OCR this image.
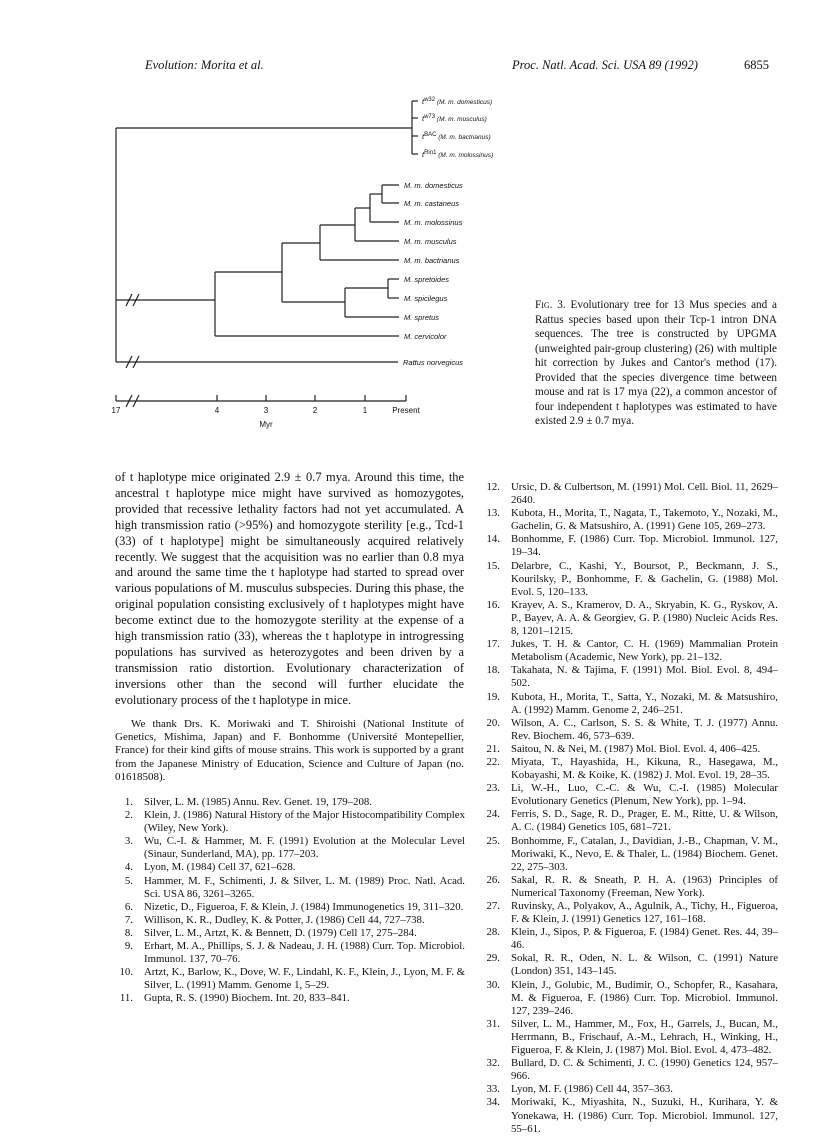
Evolution: Morita et al.	Proc. Natl. Acad. Sci. USA 89 (1992)	6855
$t^{w32}$ (M. m. domesticus)
$t^{w73}$ (M. m. musculus)
$t^{BAC}$ (M. m. bactrianus)
$t^{Rin1}$ (M. m. molossinus)
M. m. domesticus
M. m. castaneus
M. m. molossinus
M. m. musculus
M. m. bactrianus
M. spretoides
M. spicilegus
M. spretus
M. cervicolor
Rattus norvegicus
17	4	3	2	1	Present
Myr
Fig. 3. Evolutionary tree for 13 Mus species and a Rattus species based upon their Tcp-1 intron DNA sequences. The tree is constructed by UPGMA (unweighted pair-group clustering) (26) with multiple hit correction by Jukes and Cantor's method (17). Provided that the species divergence time between mouse and rat is 17 mya (22), a common ancestor of four independent t haplotypes was estimated to have existed 2.9 ± 0.7 mya.

of t haplotype mice originated 2.9 ± 0.7 mya. Around this time, the ancestral t haplotype mice might have survived as homozygotes, provided that recessive lethality factors had not yet accumulated. A high transmission ratio (>95%) and homozygote sterility [e.g., Tcd-1 (33) of t haplotype] might be simultaneously acquired relatively recently. We suggest that the acquisition was no earlier than 0.8 mya and around the same time the t haplotype had started to spread over various populations of M. musculus subspecies. During this phase, the original population consisting exclusively of t haplotypes might have become extinct due to the homozygote sterility at the expense of a high transmission ratio (33), whereas the t haplotype in introgressing populations has survived as heterozygotes and been driven by a transmission ratio distortion. Evolutionary characterization of inversions other than the second will further elucidate the evolutionary process of the t haplotype in mice.

We thank Drs. K. Moriwaki and T. Shiroishi (National Institute of Genetics, Mishima, Japan) and F. Bonhomme (Université Montepellier, France) for their kind gifts of mouse strains. This work is supported by a grant from the Japanese Ministry of Education, Science and Culture of Japan (no. 01618508).

1. Silver, L. M. (1985) Annu. Rev. Genet. 19, 179–208.
2. Klein, J. (1986) Natural History of the Major Histocompatibility Complex (Wiley, New York).
3. Wu, C.-I. & Hammer, M. F. (1991) Evolution at the Molecular Level (Sinaur, Sunderland, MA), pp. 177–203.
4. Lyon, M. (1984) Cell 37, 621–628.
5. Hammer, M. F., Schimenti, J. & Silver, L. M. (1989) Proc. Natl. Acad. Sci. USA 86, 3261–3265.
6. Nizetic, D., Figueroa, F. & Klein, J. (1984) Immunogenetics 19, 311–320.
7. Willison, K. R., Dudley, K. & Potter, J. (1986) Cell 44, 727–738.
8. Silver, L. M., Artzt, K. & Bennett, D. (1979) Cell 17, 275–284.
9. Erhart, M. A., Phillips, S. J. & Nadeau, J. H. (1988) Curr. Top. Microbiol. Immunol. 137, 70–76.
10. Artzt, K., Barlow, K., Dove, W. F., Lindahl, K. F., Klein, J., Lyon, M. F. & Silver, L. (1991) Mamm. Genome 1, 5–29.
11. Gupta, R. S. (1990) Biochem. Int. 20, 833–841.
12. Ursic, D. & Culbertson, M. (1991) Mol. Cell. Biol. 11, 2629–2640.
13. Kubota, H., Morita, T., Nagata, T., Takemoto, Y., Nozaki, M., Gachelin, G. & Matsushiro, A. (1991) Gene 105, 269–273.
14. Bonhomme, F. (1986) Curr. Top. Microbiol. Immunol. 127, 19–34.
15. Delarbre, C., Kashi, Y., Boursot, P., Beckmann, J. S., Kourilsky, P., Bonhomme, F. & Gachelin, G. (1988) Mol. Evol. 5, 120–133.
16. Krayev, A. S., Kramerov, D. A., Skryabin, K. G., Ryskov, A. P., Bayev, A. A. & Georgiev, G. P. (1980) Nucleic Acids Res. 8, 1201–1215.
17. Jukes, T. H. & Cantor, C. H. (1969) Mammalian Protein Metabolism (Academic, New York), pp. 21–132.
18. Takahata, N. & Tajima, F. (1991) Mol. Biol. Evol. 8, 494–502.
19. Kubota, H., Morita, T., Satta, Y., Nozaki, M. & Matsushiro, A. (1992) Mamm. Genome 2, 246–251.
20. Wilson, A. C., Carlson, S. S. & White, T. J. (1977) Annu. Rev. Biochem. 46, 573–639.
21. Saitou, N. & Nei, M. (1987) Mol. Biol. Evol. 4, 406–425.
22. Miyata, T., Hayashida, H., Kikuna, R., Hasegawa, M., Kobayashi, M. & Koike, K. (1982) J. Mol. Evol. 19, 28–35.
23. Li, W.-H., Luo, C.-C. & Wu, C.-I. (1985) Molecular Evolutionary Genetics (Plenum, New York), pp. 1–94.
24. Ferris, S. D., Sage, R. D., Prager, E. M., Ritte, U. & Wilson, A. C. (1984) Genetics 105, 681–721.
25. Bonhomme, F., Catalan, J., Davidian, J.-B., Chapman, V. M., Moriwaki, K., Nevo, E. & Thaler, L. (1984) Biochem. Genet. 22, 275–303.
26. Sakal, R. R. & Sneath, P. H. A. (1963) Principles of Numerical Taxonomy (Freeman, New York).
27. Ruvinsky, A., Polyakov, A., Agulnik, A., Tichy, H., Figueroa, F. & Klein, J. (1991) Genetics 127, 161–168.
28. Klein, J., Sipos, P. & Figueroa, F. (1984) Genet. Res. 44, 39–46.
29. Sokal, R. R., Oden, N. L. & Wilson, C. (1991) Nature (London) 351, 143–145.
30. Klein, J., Golubic, M., Budimir, O., Schopfer, R., Kasahara, M. & Figueroa, F. (1986) Curr. Top. Microbiol. Immunol. 127, 239–246.
31. Silver, L. M., Hammer, M., Fox, H., Garrels, J., Bucan, M., Herrmann, B., Frischauf, A.-M., Lehrach, H., Winking, H., Figueroa, F. & Klein, J. (1987) Mol. Biol. Evol. 4, 473–482.
32. Bullard, D. C. & Schimenti, J. C. (1990) Genetics 124, 957–966.
33. Lyon, M. F. (1986) Cell 44, 357–363.
34. Moriwaki, K., Miyashita, N., Suzuki, H., Kurihara, Y. & Yonekawa, H. (1986) Curr. Top. Microbiol. Immunol. 127, 55–61.
